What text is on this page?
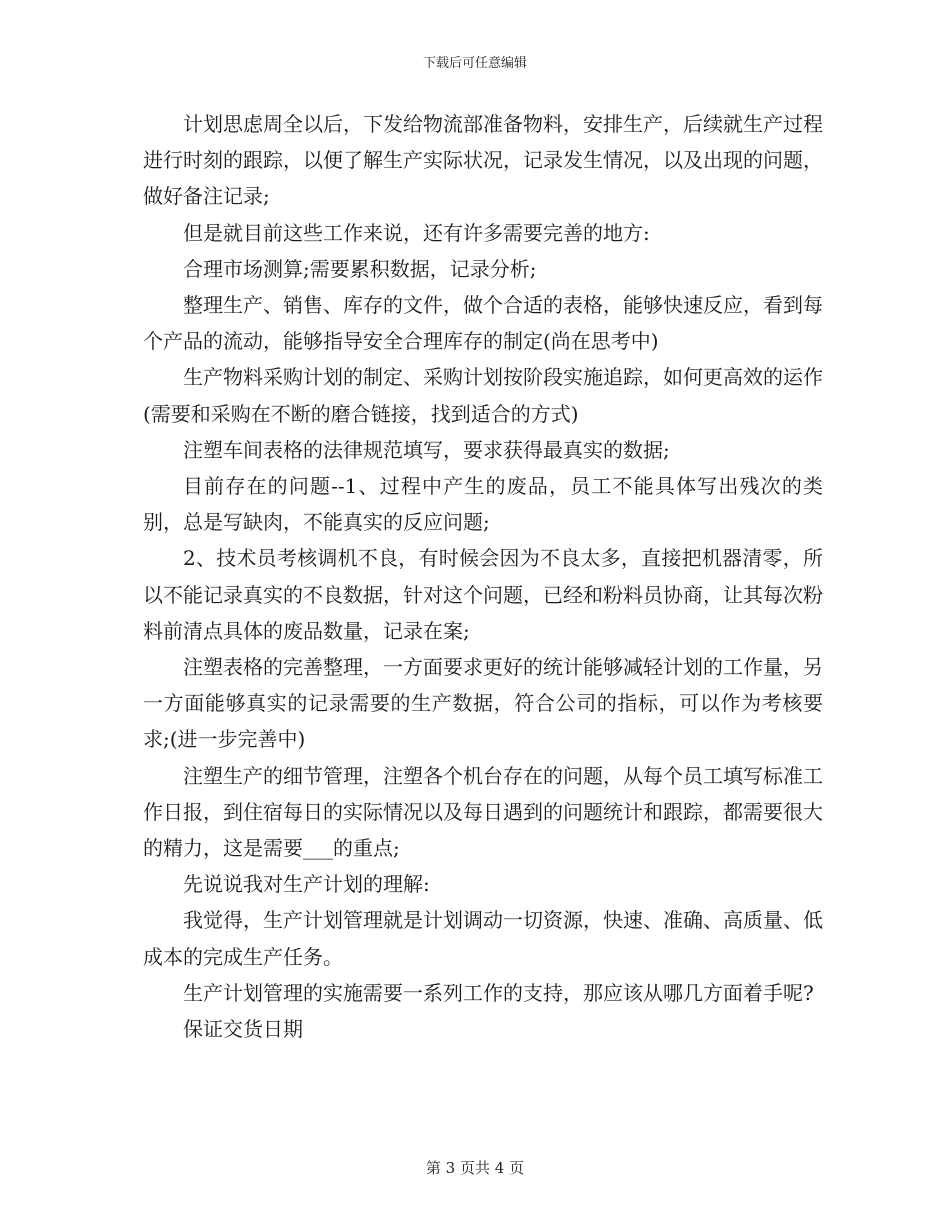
下载后可任意编辑

计划思虑周全以后，下发给物流部准备物料，安排生产，后续就生产过程进行时刻的跟踪，以便了解生产实际状况，记录发生情况，以及出现的问题，做好备注记录;

但是就目前这些工作来说，还有许多需要完善的地方:

合理市场测算;需要累积数据，记录分析;

整理生产、销售、库存的文件，做个合适的表格，能够快速反应，看到每个产品的流动，能够指导安全合理库存的制定(尚在思考中)

生产物料采购计划的制定、采购计划按阶段实施追踪，如何更高效的运作(需要和采购在不断的磨合链接，找到适合的方式)

注塑车间表格的法律规范填写，要求获得最真实的数据;

目前存在的问题--1、过程中产生的废品，员工不能具体写出残次的类别，总是写缺肉，不能真实的反应问题;

2、技术员考核调机不良，有时候会因为不良太多，直接把机器清零，所以不能记录真实的不良数据，针对这个问题，已经和粉料员协商，让其每次粉料前清点具体的废品数量，记录在案;

注塑表格的完善整理，一方面要求更好的统计能够减轻计划的工作量，另一方面能够真实的记录需要的生产数据，符合公司的指标，可以作为考核要求;(进一步完善中)

注塑生产的细节管理，注塑各个机台存在的问题，从每个员工填写标准工作日报，到住宿每日的实际情况以及每日遇到的问题统计和跟踪，都需要很大的精力，这是需要___的重点;

先说说我对生产计划的理解:

我觉得，生产计划管理就是计划调动一切资源，快速、准确、高质量、低成本的完成生产任务。

生产计划管理的实施需要一系列工作的支持，那应该从哪几方面着手呢?

保证交货日期

第 3 页共 4 页
